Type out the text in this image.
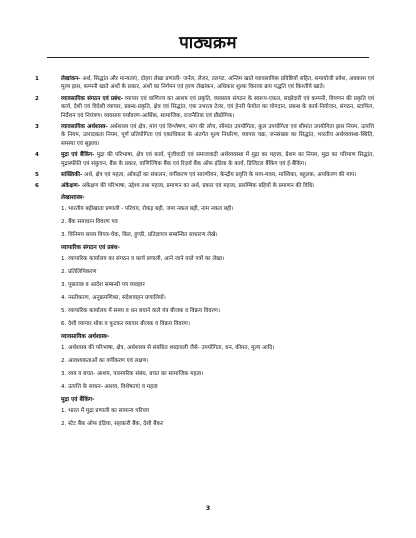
पाठ्यक्रम
1	लेखांकन- अर्थ, सिद्धांत और मान्यताएं, दोहरा लेखा प्रणाली- जर्नल, लेजर, तलपट, अन्तिम खाते व्यावसायिक प्रविष्टियों सहित, समायोजी प्रवेश, अवकाश एवं मूल्य ह्रास, कम्पनी खाते अंशों के प्रकार, अंशों का निर्गमन एवं हरण लेखांकन, अधिकार शुल्क किराया क्रय पद्धति एवं किश्तीये खाते।
2	व्यावसायिक संगठन एवं प्रबंध- व्यापार एवं वाणिज्य का आशय एवं प्रकृति, व्यवसाय संगठन के स्वरूप-एकल, साझेदारी एवं कम्पनी, विपणन की प्रकृति एवं कार्य, देशी एवं विदेशी व्यापार, प्रबन्ध-प्रकृति, क्षेत्र एवं सिद्धांत, एक उभरता टेलर, एवं हेनरी फेयोल का योगदान, प्रबन्ध के कार्य-नियोजन, संगठन, स्टाफिंग, निर्देशन एवं नियंत्रण। व्यवसाय पर्यावरण-आर्थिक, सामाजिक, राजनैतिक एवं प्रौद्योगिक।
3	व्यावसायिक अर्थशास्त्र- अर्थशास्त्र एवं क्षेत्र, मांग एवं विश्लेषण, मांग की लोच, सीमांत उपयोगिता, कुल उपयोगिता एवं सीमांत उपयोगिता ह्रास नियम, उत्पत्ति के नियम, उत्पादकता नियम, पूर्ण प्रतियोगिता एवं एकाधिकार के अंतर्गत मूल्य निर्धारण, व्यापार चक्र, जनसंख्या का सिद्धांत, भारतीय अर्थव्यवस्था-स्थिति, समस्या एवं सुझाव।
4	मुद्रा एवं बैंकिंग- मुद्रा की परिभाषा, क्षेत्र एवं कार्य, पूंजीवादी एवं समाजवादी अर्थव्यवस्था में मुद्रा का महत्त्व, ग्रेशम का नियम, मुद्रा का परिमाण सिद्धांत, मुद्रास्फीति एवं संकुचन, बैंक के प्रकार, वाणिज्यिक बैंक एवं रिज़र्व बैंक ऑफ इंडिया के कार्य, डिजिटल बैंकिंग एवं ई-बैंकिंग।
5	सांख्यिकी- अर्थ, क्षेत्र एवं महत्व, आँकड़ों का संकलन, वर्गीकरण एवं सारणीयन, केन्द्रीय प्रवृत्ति के माप-माध्य, माध्यिका, बहुलक, अपकिरण की माप।
6	अंकेक्षण- अंकेक्षण की परिभाषा, उद्देश्य तथा महत्त्व, प्रमाणन का अर्थ, प्रकार एवं महत्त्व, प्रारम्भिक बहियों के प्रमाणन की विधि।
लेखाशास्त्र-
1. भारतीय बहीखाता प्रणाली - परिचय, रोकड़ बही, जमा नकल बही, नाम नकल बही।
2. बैंक समाधान विवरण पत्र
3. विनिमय साध्य विपत्र-चेक, बिल, हुण्डी, प्रतिज्ञापत्र सम्बन्धित साधारण लेखे।
व्यापारिक संगठन एवं प्रबंध-
1. व्यापारिक कार्यालय का संगठन व कार्य प्रणाली, आने जाने वाले पत्रों का लेखा।
2. प्रतिलिपिकरण
3. पूछताछ व आदेश सम्बन्धी पत्र व्यवहार
4. नस्तीकरण, अनुक्रमणिका, संदेशवाहन प्रणालियाँ।
5. व्यापारिक कार्यालय में समय व धन बचाने वाले यंत्र बीजक व विक्रय विवरण।
6. देशी व्यापार थोक व फुटकर व्यापार बीजक व विक्रय विवरण।
व्यावसायिक अर्थशास्त्र-
1. अर्थशास्त्र की परिभाषा, क्षेत्र, अर्थशास्त्र से संबंधित शब्दावली जैसे- उपयोगिता, धन, कीमत, मूल्य आदि।
2. आवश्यकताओं का वर्गीकरण एवं लक्षण।
3. व्यय व बचत- आशय, पारस्परिक संबंध, बचत का सामाजिक महत्व।
4. उत्पत्ति के साधन- आशय, विशेषताएं व महत्व
मुद्रा एवं बैंकिंग-
1. भारत में मुद्रा प्रणाली का सामान्य परिचय
2. स्टेट बैंक ऑफ इंडिया, सहकारी बैंक, देशी बैंकर
3
